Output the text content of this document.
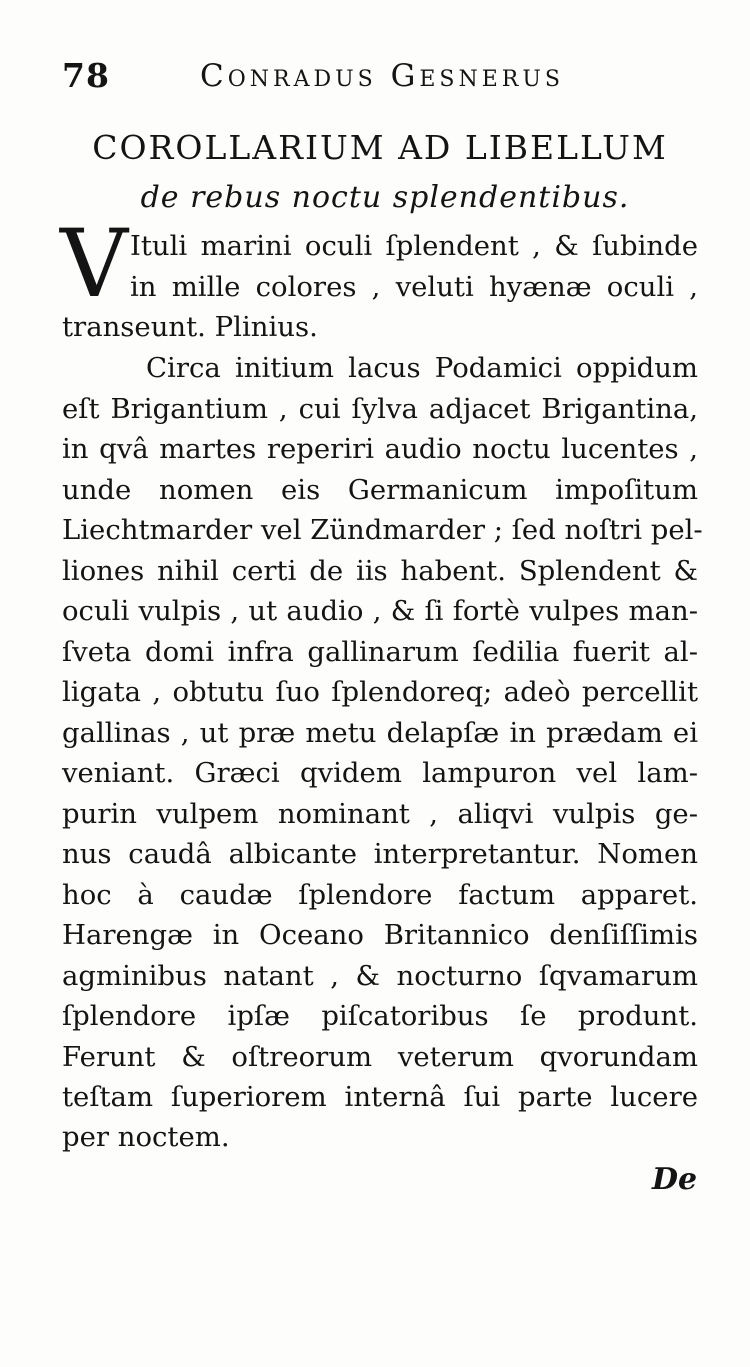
78	Conradus Gesnerus
COROLLARIUM AD LIBELLUM
de rebus noctu splendentibus.
V Ituli marini oculi ſplendent , & ſubinde
in mille colores , veluti hyænæ oculi ,
transeunt. Plinius.
Circa initium lacus Podamici oppidum
eſt Brigantium , cui ſylva adjacet Brigantina,
in qvâ martes reperiri audio noctu lucentes ,
unde nomen eis Germanicum impoſitum
Liechtmarder vel Zündmarder ; ſed noſtri pel-
liones nihil certi de iis habent. Splendent &
oculi vulpis , ut audio , & ſi fortè vulpes man-
ſveta domi infra gallinarum ſedilia fuerit al-
ligata , obtutu ſuo ſplendoreq; adeò percellit
gallinas , ut præ metu delapſæ in prædam ei
veniant. Græci qvidem lampuron vel lam-
purin vulpem nominant , aliqvi vulpis ge-
nus caudâ albicante interpretantur. Nomen
hoc à caudæ ſplendore factum apparet.
Harengæ in Oceano Britannico denſiſſimis
agminibus natant , & nocturno ſqvamarum
ſplendore ipſæ piſcatoribus ſe produnt.
Ferunt & oſtreorum veterum qvorundam
teſtam ſuperiorem internâ ſui parte lucere
per noctem.
De
